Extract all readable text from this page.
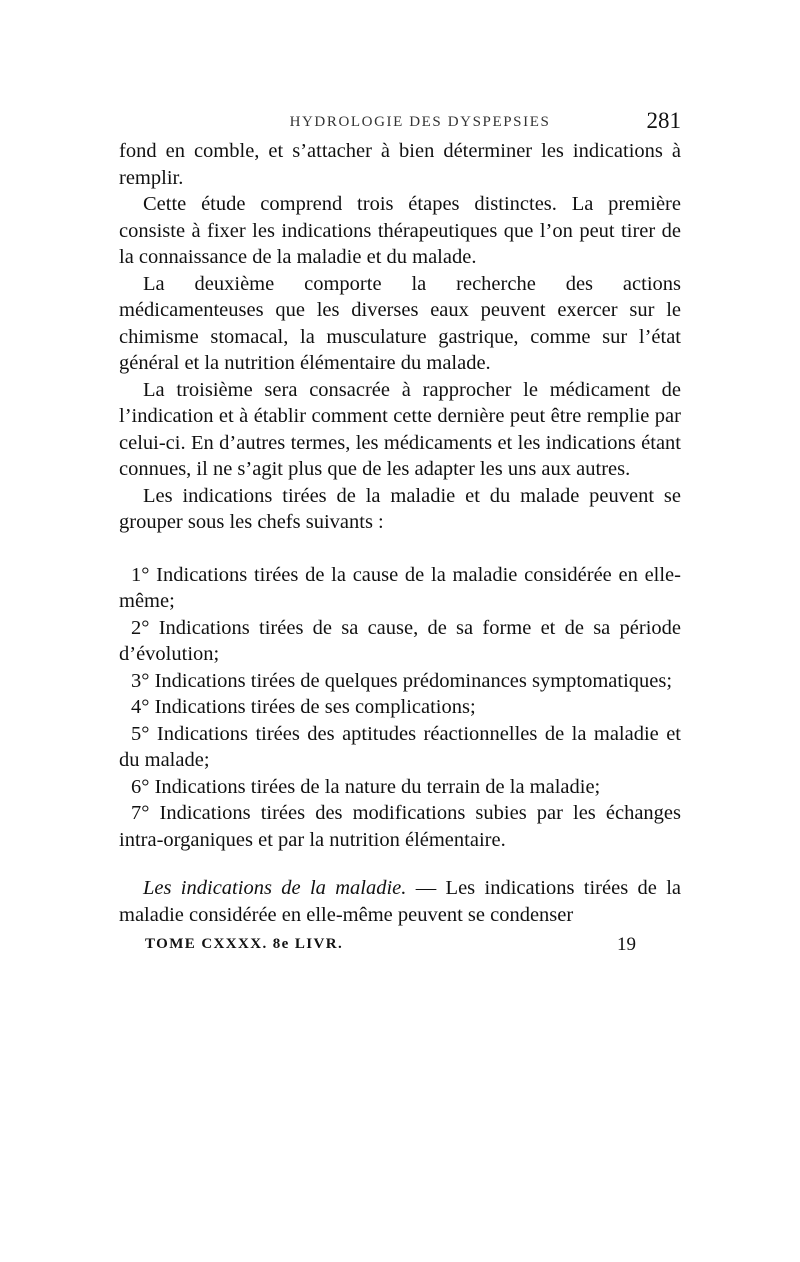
HYDROLOGIE DES DYSPEPSIES	281

fond en comble, et s’attacher à bien déterminer les indications à remplir.

Cette étude comprend trois étapes distinctes. La première consiste à fixer les indications thérapeutiques que l’on peut tirer de la connaissance de la maladie et du malade.

La deuxième comporte la recherche des actions médicamenteuses que les diverses eaux peuvent exercer sur le chimisme stomacal, la musculature gastrique, comme sur l’état général et la nutrition élémentaire du malade.

La troisième sera consacrée à rapprocher le médicament de l’indication et à établir comment cette dernière peut être remplie par celui-ci. En d’autres termes, les médicaments et les indications étant connues, il ne s’agit plus que de les adapter les uns aux autres.

Les indications tirées de la maladie et du malade peuvent se grouper sous les chefs suivants :

1° Indications tirées de la cause de la maladie considérée en elle-même;

2° Indications tirées de sa cause, de sa forme et de sa période d’évolution;

3° Indications tirées de quelques prédominances symptomatiques;

4° Indications tirées de ses complications;

5° Indications tirées des aptitudes réactionnelles de la maladie et du malade;

6° Indications tirées de la nature du terrain de la maladie;

7° Indications tirées des modifications subies par les échanges intra-organiques et par la nutrition élémentaire.

Les indications de la maladie. — Les indications tirées de la maladie considérée en elle-même peuvent se condenser

TOME CXXXX. 8e LIVR.	19
